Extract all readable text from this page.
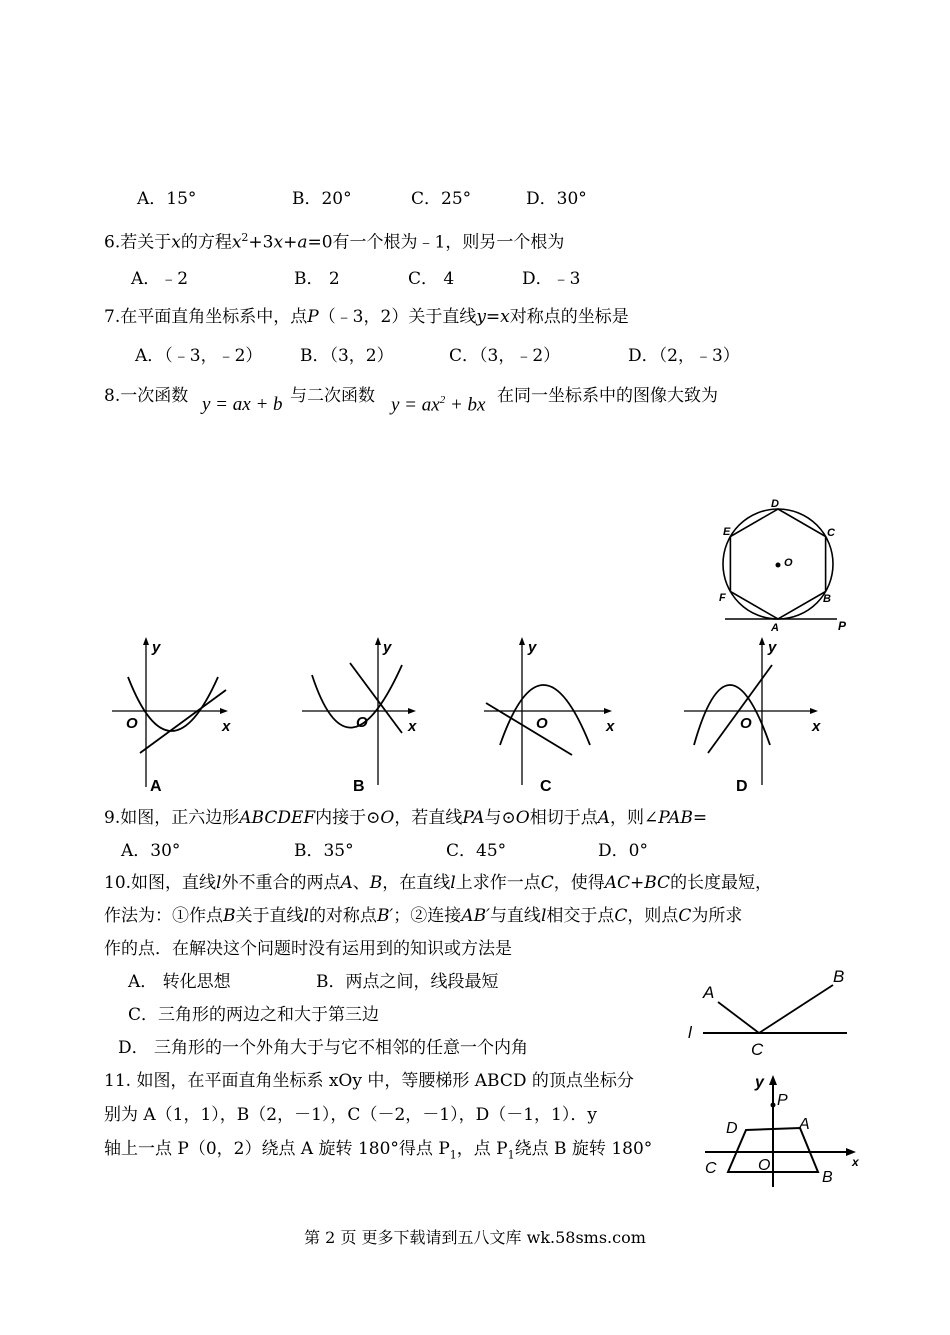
A．15°	B．20°	C．25°	D．30°
6.若关于x的方程$x^2+3x+a=0$有一个根为﹣1，则另一个根为
A．﹣2	B． 2	C． 4	D．﹣3
7.在平面直角坐标系中，点P（﹣3，2）关于直线y=x对称点的坐标是
A．（﹣3，﹣2） B．（3，2）	C．（3，﹣2）	D．（2，﹣3）
8.一次函数 y = ax + b 与二次函数 $y = ax^2$ + bx 在同一坐标系中的图像大致为
O
D
C
B
A
F
E
P
y
x
O
A
y
x
O
B
y
x
O
C
y
x
O
D
9.如图，正六边形ABCDEF内接于⊙O，若直线PA与⊙O相切于点A，则∠PAB=
A．30°	B．35°	C．45°	D．0°
10.如图，直线l外不重合的两点A、B，在直线l上求作一点C，使得AC+BC的长度最短，
作法为：①作点B关于直线l的对称点B′；②连接AB′与直线l相交于点C，则点C为所求
作的点．在解决这个问题时没有运用到的知识或方法是
A． 转化思想	B．两点之间，线段最短
C．三角形的两边之和大于第三边
D． 三角形的一个外角大于与它不相邻的任意一个内角
A
B
C
l
11. 如图，在平面直角坐标系 xOy 中，等腰梯形 ABCD 的顶点坐标分
别为 A（1，1），B（2，－1），C（－2，－1），D（－1，1）．y
轴上一点 P（0，2）绕点 A 旋转 180°得点 $P_1$，点 $P_1$绕点 B 旋转 180°
y
P
D	A
C	O
B
x
第 2 页 更多下载请到五八文库 wk.58sms.com
